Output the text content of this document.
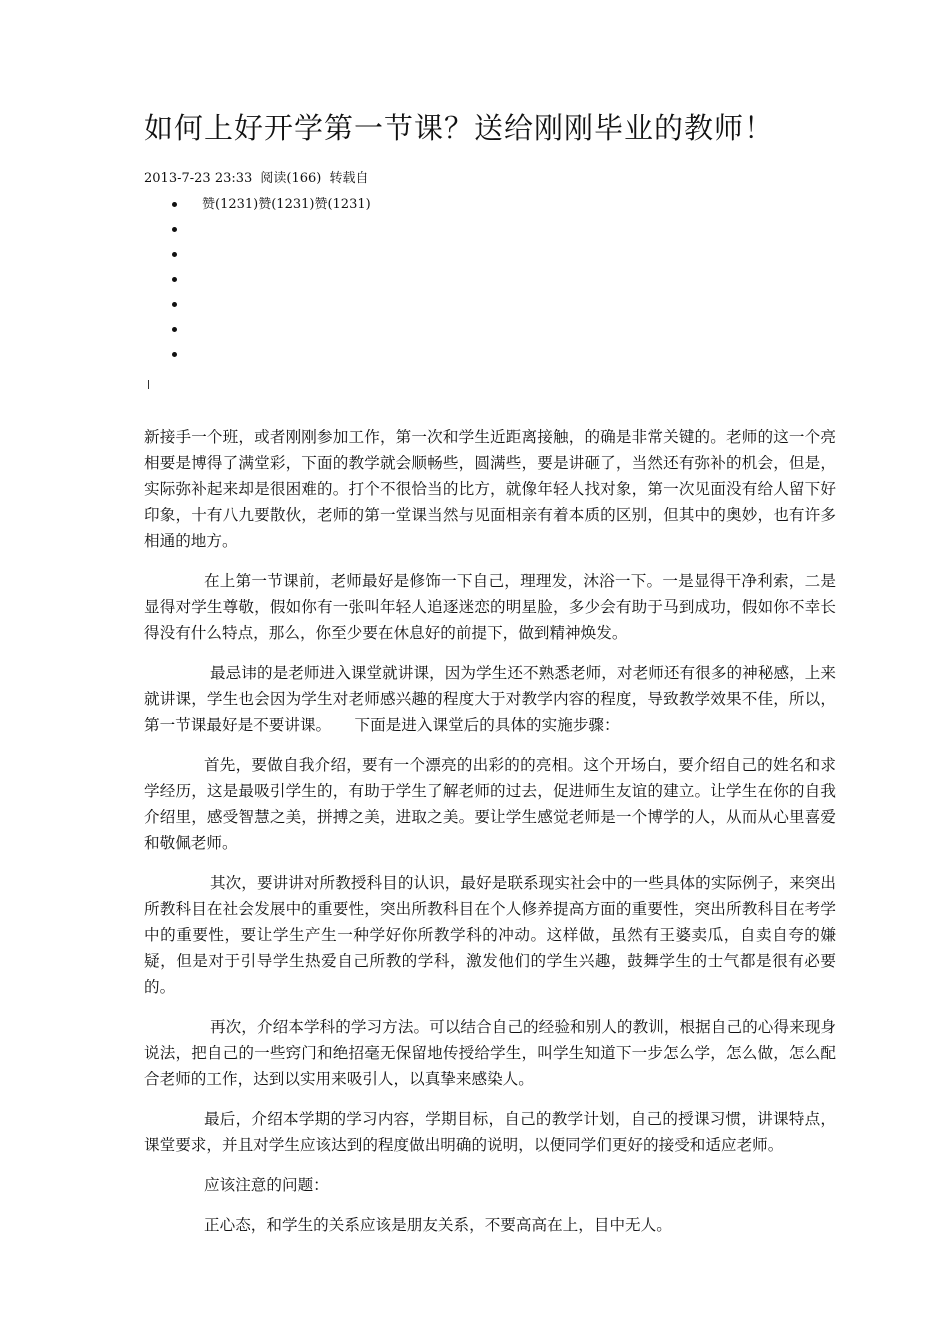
如何上好开学第一节课？送给刚刚毕业的教师！
2013-7-23 23:33 阅读(166) 转载自
赞(1231)赞(1231)赞(1231)

新接手一个班，或者刚刚参加工作，第一次和学生近距离接触，的确是非常关键的。老师的这一个亮相要是博得了满堂彩，下面的教学就会顺畅些，圆满些，要是讲砸了，当然还有弥补的机会，但是，实际弥补起来却是很困难的。打个不很恰当的比方，就像年轻人找对象，第一次见面没有给人留下好印象，十有八九要散伙，老师的第一堂课当然与见面相亲有着本质的区别，但其中的奥妙，也有许多相通的地方。

在上第一节课前，老师最好是修饰一下自己，理理发，沐浴一下。一是显得干净利索，二是显得对学生尊敬，假如你有一张叫年轻人追逐迷恋的明星脸，多少会有助于马到成功，假如你不幸长得没有什么特点，那么，你至少要在休息好的前提下，做到精神焕发。

最忌讳的是老师进入课堂就讲课，因为学生还不熟悉老师，对老师还有很多的神秘感，上来就讲课，学生也会因为学生对老师感兴趣的程度大于对教学内容的程度，导致教学效果不佳，所以，第一节课最好是不要讲课。　　下面是进入课堂后的具体的实施步骤：

首先，要做自我介绍，要有一个漂亮的出彩的的亮相。这个开场白，要介绍自己的姓名和求学经历，这是最吸引学生的，有助于学生了解老师的过去，促进师生友谊的建立。让学生在你的自我介绍里，感受智慧之美，拼搏之美，进取之美。要让学生感觉老师是一个博学的人，从而从心里喜爱和敬佩老师。

其次，要讲讲对所教授科目的认识，最好是联系现实社会中的一些具体的实际例子，来突出所教科目在社会发展中的重要性，突出所教科目在个人修养提高方面的重要性，突出所教科目在考学中的重要性，要让学生产生一种学好你所教学科的冲动。这样做，虽然有王婆卖瓜，自卖自夸的嫌疑，但是对于引导学生热爱自己所教的学科，激发他们的学生兴趣，鼓舞学生的士气都是很有必要的。

再次，介绍本学科的学习方法。可以结合自己的经验和别人的教训，根据自己的心得来现身说法，把自己的一些窍门和绝招毫无保留地传授给学生，叫学生知道下一步怎么学，怎么做，怎么配合老师的工作，达到以实用来吸引人，以真挚来感染人。

最后，介绍本学期的学习内容，学期目标，自己的教学计划，自己的授课习惯，讲课特点，课堂要求，并且对学生应该达到的程度做出明确的说明，以便同学们更好的接受和适应老师。

应该注意的问题：

正心态，和学生的关系应该是朋友关系，不要高高在上，目中无人。
